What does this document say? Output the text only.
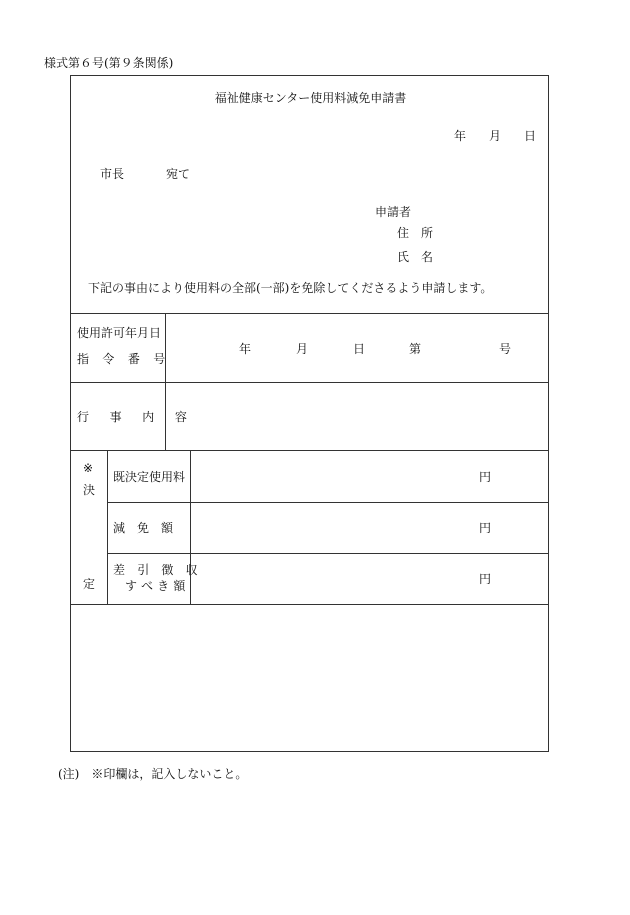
様式第６号(第９条関係)
福祉健康センター使用料減免申請書
年 月 日
市長	宛て
申請者
住　所
氏　名
下記の事由により使用料の全部(一部)を免除してくださるよう申請します。
使用許可年月日
指 令 番 号
年	月	日	第	号
行 事 内 容
※
決
定
既決定使用料	円
減　免　額	円
差 引 徴 収
すべき額	円
(注)　※印欄は，記入しないこと。
